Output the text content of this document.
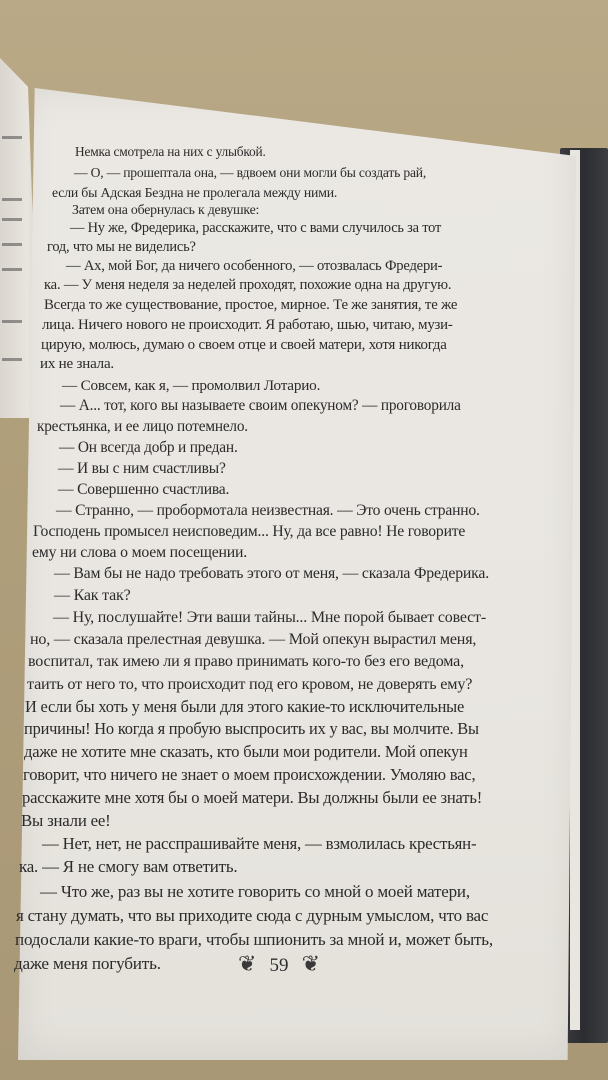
Немка смотрела на них с улыбкой.
— О, — прошептала она, — вдвоем они могли бы создать рай,
если бы Адская Бездна не пролегала между ними.
Затем она обернулась к девушке:
— Ну же, Фредерика, расскажите, что с вами случилось за тот
год, что мы не виделись?
— Ах, мой Бог, да ничего особенного, — отозвалась Фредери-
ка. — У меня неделя за неделей проходят, похожие одна на другую.
Всегда то же существование, простое, мирное. Те же занятия, те же
лица. Ничего нового не происходит. Я работаю, шью, читаю, музи-
цирую, молюсь, думаю о своем отце и своей матери, хотя никогда
их не знала.
— Совсем, как я, — промолвил Лотарио.
— А... тот, кого вы называете своим опекуном? — проговорила
крестьянка, и ее лицо потемнело.
— Он всегда добр и предан.
— И вы с ним счастливы?
— Совершенно счастлива.
— Странно, — пробормотала неизвестная. — Это очень странно.
Господень промысел неисповедим... Ну, да все равно! Не говорите
ему ни слова о моем посещении.
— Вам бы не надо требовать этого от меня, — сказала Фредерика.
— Как так?
— Ну, послушайте! Эти ваши тайны... Мне порой бывает совест-
но, — сказала прелестная девушка. — Мой опекун вырастил меня,
воспитал, так имею ли я право принимать кого-то без его ведома,
таить от него то, что происходит под его кровом, не доверять ему?
И если бы хоть у меня были для этого какие-то исключительные
причины! Но когда я пробую выспросить их у вас, вы молчите. Вы
даже не хотите мне сказать, кто были мои родители. Мой опекун
говорит, что ничего не знает о моем происхождении. Умоляю вас,
расскажите мне хотя бы о моей матери. Вы должны были ее знать!
Вы знали ее!
— Нет, нет, не расспрашивайте меня, — взмолилась крестьян-
ка. — Я не смогу вам ответить.
— Что же, раз вы не хотите говорить со мной о моей матери,
я стану думать, что вы приходите сюда с дурным умыслом, что вас
подослали какие-то враги, чтобы шпионить за мной и, может быть,
даже меня погубить.	❦ 59 ❦
